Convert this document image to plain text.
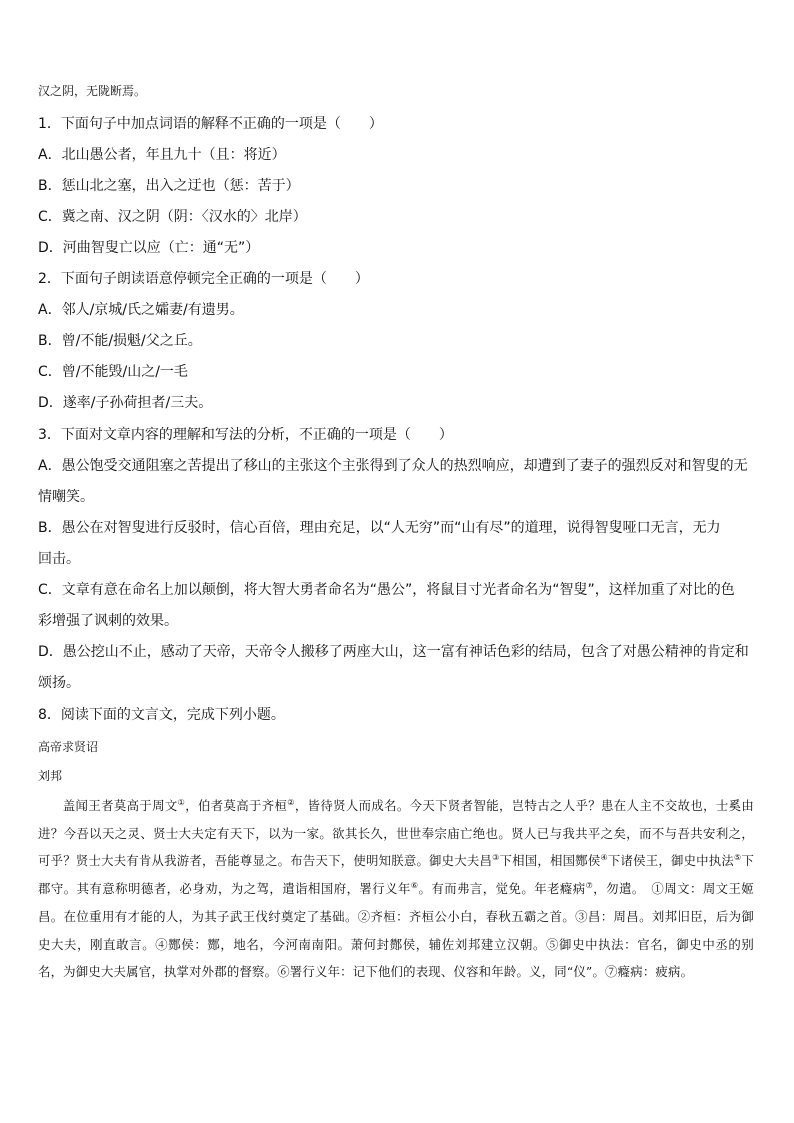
汉之阴，无陇断焉。
1．下面句子中加点词语的解释不正确的一项是（　　）
A．北山愚公者，年且九十（且：将近）
B．惩山北之塞，出入之迂也（惩：苦于）
C．冀之南、汉之阴（阴：〈汉水的〉北岸）
D．河曲智叟亡以应（亡：通“无”）
2．下面句子朗读语意停顿完全正确的一项是（　　）
A．邻人/京城/氏之孀妻/有遗男。
B．曾/不能/损魁/父之丘。
C．曾/不能毁/山之/一毛
D．遂率/子孙荷担者/三夫。
3．下面对文章内容的理解和写法的分析，不正确的一项是（　　）
A．愚公饱受交通阻塞之苦提出了移山的主张这个主张得到了众人的热烈响应，却遭到了妻子的强烈反对和智叟的无
情嘲笑。
B．愚公在对智叟进行反驳时，信心百倍，理由充足，以“人无穷”而“山有尽”的道理，说得智叟哑口无言，无力
回击。
C．文章有意在命名上加以颠倒，将大智大勇者命名为“愚公”，将鼠目寸光者命名为“智叟”，这样加重了对比的色
彩增强了讽刺的效果。
D．愚公挖山不止，感动了天帝，天帝令人搬移了两座大山，这一富有神话色彩的结局，包含了对愚公精神的肯定和
颂扬。
8．阅读下面的文言文，完成下列小题。
高帝求贤诏
刘邦
盖闻王者莫高于周文①，伯者莫高于齐桓②，皆待贤人而成名。今天下贤者智能，岂特古之人乎？患在人主不交故也，士奚由进？今吾以天之灵、贤士大夫定有天下，以为一家。欲其长久，世世奉宗庙亡绝也。贤人已与我共平之矣，而不与吾共安利之，可乎？贤士大夫有肯从我游者，吾能尊显之。布告天下，使明知朕意。御史大夫昌③下相国，相国酂侯④下诸侯王，御史中执法⑤下郡守。其有意称明德者，必身劝，为之驾，遣诣相国府，署行义年⑥。有而弗言，觉免。年老癃病⑦，勿遣。　 ①周文：周文王姬昌。在位重用有才能的人，为其子武王伐纣奠定了基础。②齐桓：齐桓公小白，春秋五霸之首。③昌：周昌。刘邦旧臣，后为御史大夫，刚直敢言。④酂侯：酂，地名，今河南南阳。萧何封酂侯，辅佐刘邦建立汉朝。⑤御史中执法：官名，御史中丞的别名，为御史大夫属官，执掌对外郡的督察。⑥署行义年：记下他们的表现、仪容和年龄。义，同“仪”。⑦癃病：疲病。
